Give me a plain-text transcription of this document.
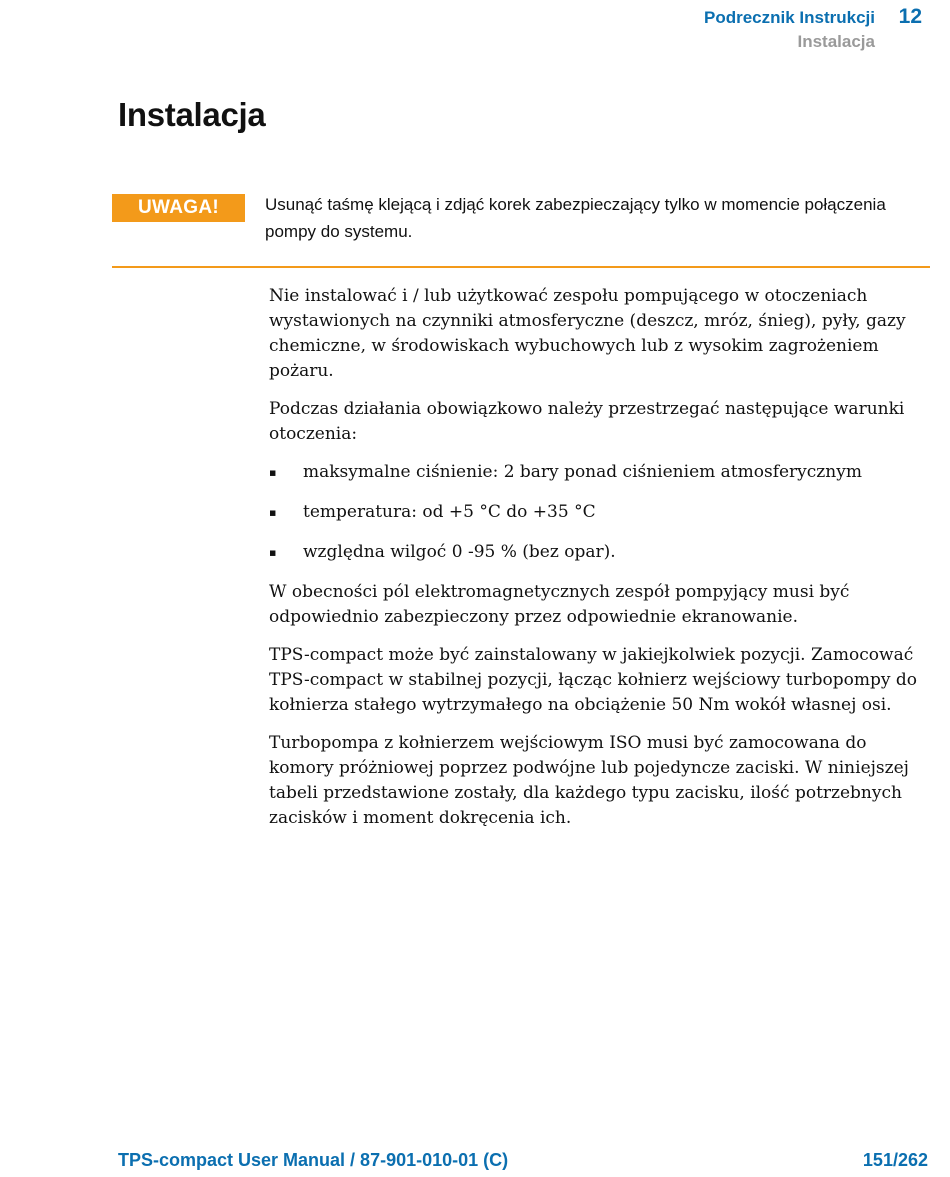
Podrecznik Instrukcji 12
Instalacja
Instalacja
UWAGA!	Usunąć taśmę klejącą i zdjąć korek zabezpieczający tylko w momencie połączenia pompy do systemu.

Nie instalować i / lub użytkować zespołu pompującego w otoczeniach wystawionych na czynniki atmosferyczne (deszcz, mróz, śnieg), pyły, gazy chemiczne, w środowiskach wybuchowych lub z wysokim zagrożeniem pożaru.

Podczas działania obowiązkowo należy przestrzegać następujące warunki otoczenia:

▪ maksymalne ciśnienie: 2 bary ponad ciśnieniem atmosferycznym
▪ temperatura: od +5 °C do +35 °C
▪ względna wilgoć 0 -95 % (bez opar).

W obecności pól elektromagnetycznych zespół pompyjący musi być odpowiednio zabezpieczony przez odpowiednie ekranowanie.

TPS-compact może być zainstalowany w jakiejkolwiek pozycji. Zamocować TPS-compact w stabilnej pozycji, łącząc kołnierz wejściowy turbopompy do kołnierza stałego wytrzymałego na obciążenie 50 Nm wokół własnej osi.

Turbopompa z kołnierzem wejściowym ISO musi być zamocowana do komory próżniowej poprzez podwójne lub pojedyncze zaciski. W niniejszej tabeli przedstawione zostały, dla każdego typu zacisku, ilość potrzebnych zacisków i moment dokręcenia ich.

TPS-compact User Manual / 87-901-010-01 (C)	151/262
